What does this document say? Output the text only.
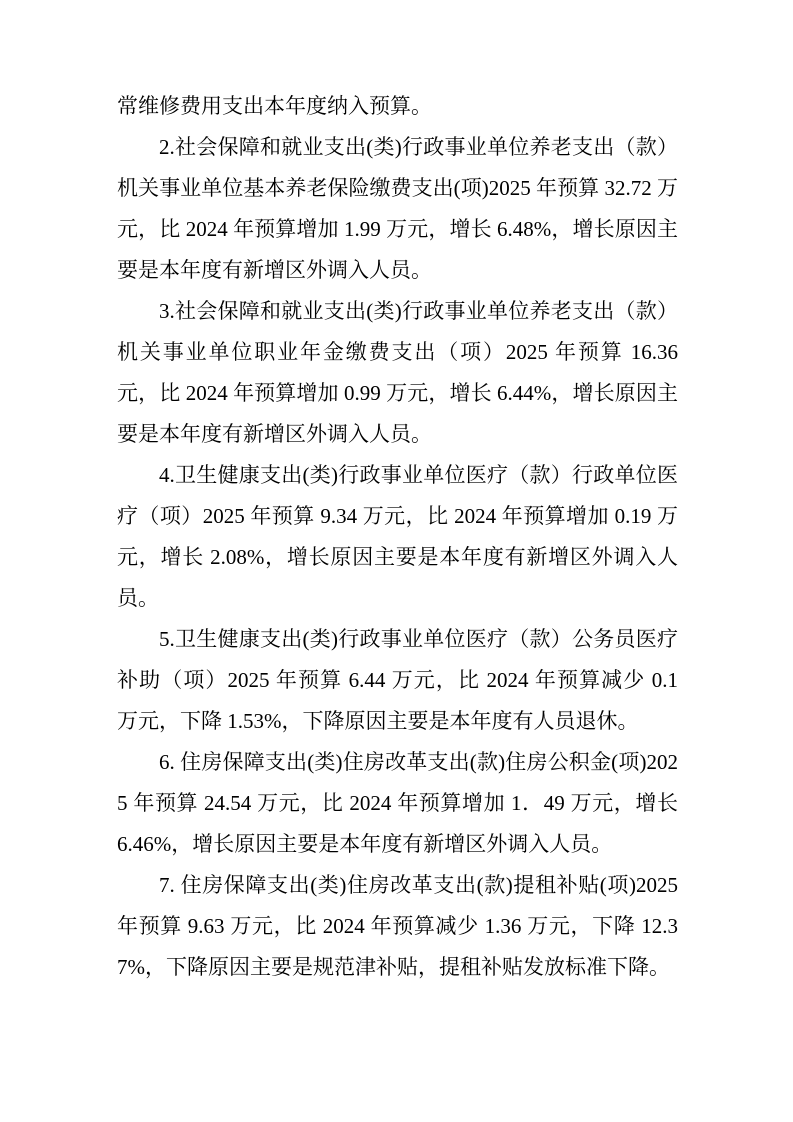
常维修费用支出本年度纳入预算。

2.社会保障和就业支出(类)行政事业单位养老支出（款）机关事业单位基本养老保险缴费支出(项)2025 年预算 32.72 万元，比 2024 年预算增加 1.99 万元，增长 6.48%，增长原因主要是本年度有新增区外调入人员。

3.社会保障和就业支出(类)行政事业单位养老支出（款）机关事业单位职业年金缴费支出（项）2025 年预算 16.36 元，比 2024 年预算增加 0.99 万元，增长 6.44%，增长原因主要是本年度有新增区外调入人员。

4.卫生健康支出(类)行政事业单位医疗（款）行政单位医疗（项）2025 年预算 9.34 万元，比 2024 年预算增加 0.19 万元，增长 2.08%，增长原因主要是本年度有新增区外调入人员。

5.卫生健康支出(类)行政事业单位医疗（款）公务员医疗补助（项）2025 年预算 6.44 万元，比 2024 年预算减少 0.1 万元，下降 1.53%，下降原因主要是本年度有人员退休。

6. 住房保障支出(类)住房改革支出(款)住房公积金(项)2025 年预算 24.54 万元，比 2024 年预算增加 1．49 万元，增长 6.46%，增长原因主要是本年度有新增区外调入人员。

7. 住房保障支出(类)住房改革支出(款)提租补贴(项)2025 年预算 9.63 万元，比 2024 年预算减少 1.36 万元，下降 12.37%，下降原因主要是规范津补贴，提租补贴发放标准下降。
